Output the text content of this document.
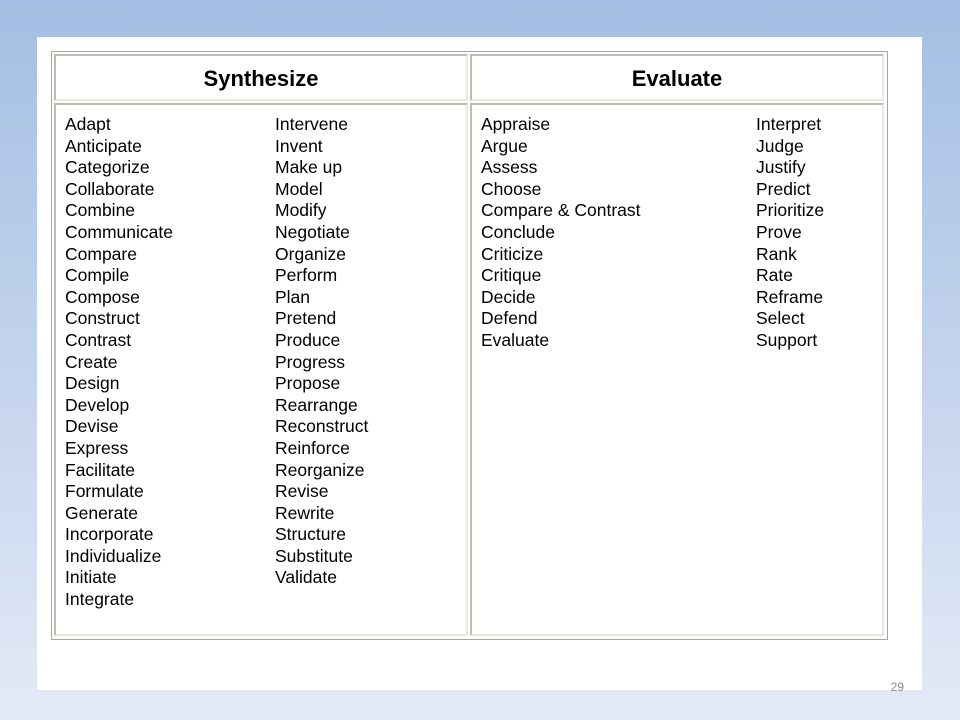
Synthesize	Evaluate
Adapt
Anticipate
Categorize
Collaborate
Combine
Communicate
Compare
Compile
Compose
Construct
Contrast
Create
Design
Develop
Devise
Express
Facilitate
Formulate
Generate
Incorporate
Individualize
Initiate
Integrate
Intervene
Invent
Make up
Model
Modify
Negotiate
Organize
Perform
Plan
Pretend
Produce
Progress
Propose
Rearrange
Reconstruct
Reinforce
Reorganize
Revise
Rewrite
Structure
Substitute
Validate
Appraise
Argue
Assess
Choose
Compare & Contrast
Conclude
Criticize
Critique
Decide
Defend
Evaluate
Interpret
Judge
Justify
Predict
Prioritize
Prove
Rank
Rate
Reframe
Select
Support
29
